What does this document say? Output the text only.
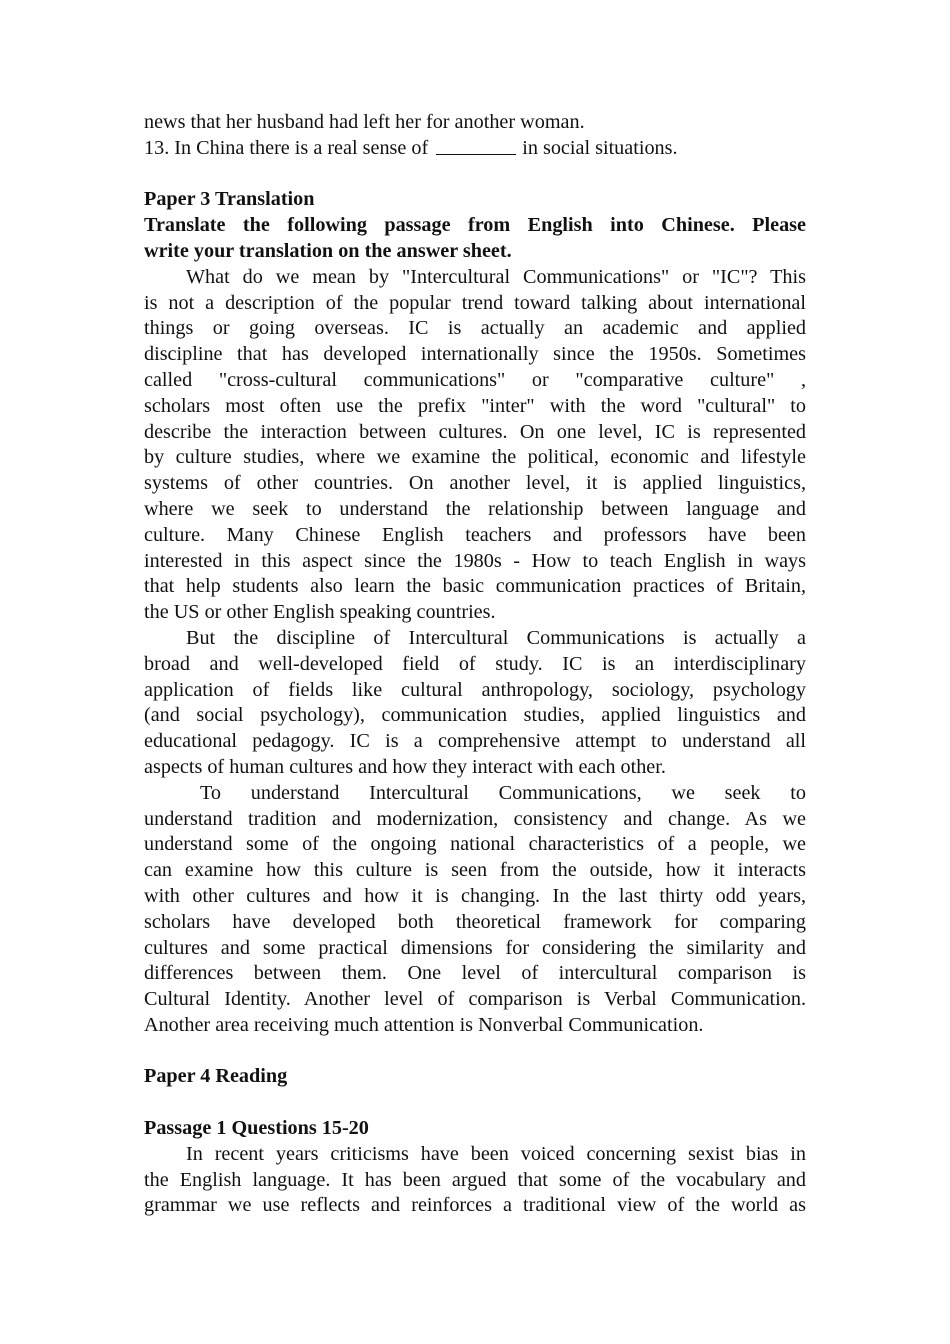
news that her husband had left her for another woman.
13. In China there is a real sense of	in social situations.
Paper 3 Translation
Translate the following passage from English into Chinese. Please
write your translation on the answer sheet.
What do we mean by "Intercultural Communications" or "IC"? This
is not a description of the popular trend toward talking about international
things or going overseas. IC is actually an academic and applied
discipline that has developed internationally since the 1950s. Sometimes
called "cross-cultural communications" or "comparative culture" ,
scholars most often use the prefix "inter" with the word "cultural" to
describe the interaction between cultures. On one level, IC is represented
by culture studies, where we examine the political, economic and lifestyle
systems of other countries. On another level, it is applied linguistics,
where we seek to understand the relationship between language and
culture. Many Chinese English teachers and professors have been
interested in this aspect since the 1980s - How to teach English in ways
that help students also learn the basic communication practices of Britain,
the US or other English speaking countries.
But the discipline of Intercultural Communications is actually a
broad and well-developed field of study. IC is an interdisciplinary
application of fields like cultural anthropology, sociology, psychology
(and social psychology), communication studies, applied linguistics and
educational pedagogy. IC is a comprehensive attempt to understand all
aspects of human cultures and how they interact with each other.
To understand Intercultural Communications, we seek to
understand tradition and modernization, consistency and change. As we
understand some of the ongoing national characteristics of a people, we
can examine how this culture is seen from the outside, how it interacts
with other cultures and how it is changing. In the last thirty odd years,
scholars have developed both theoretical framework for comparing
cultures and some practical dimensions for considering the similarity and
differences between them. One level of intercultural comparison is
Cultural Identity. Another level of comparison is Verbal Communication.
Another area receiving much attention is Nonverbal Communication.
Paper 4 Reading
Passage 1 Questions 15-20
In recent years criticisms have been voiced concerning sexist bias in
the English language. It has been argued that some of the vocabulary and
grammar we use reflects and reinforces a traditional view of the world as
